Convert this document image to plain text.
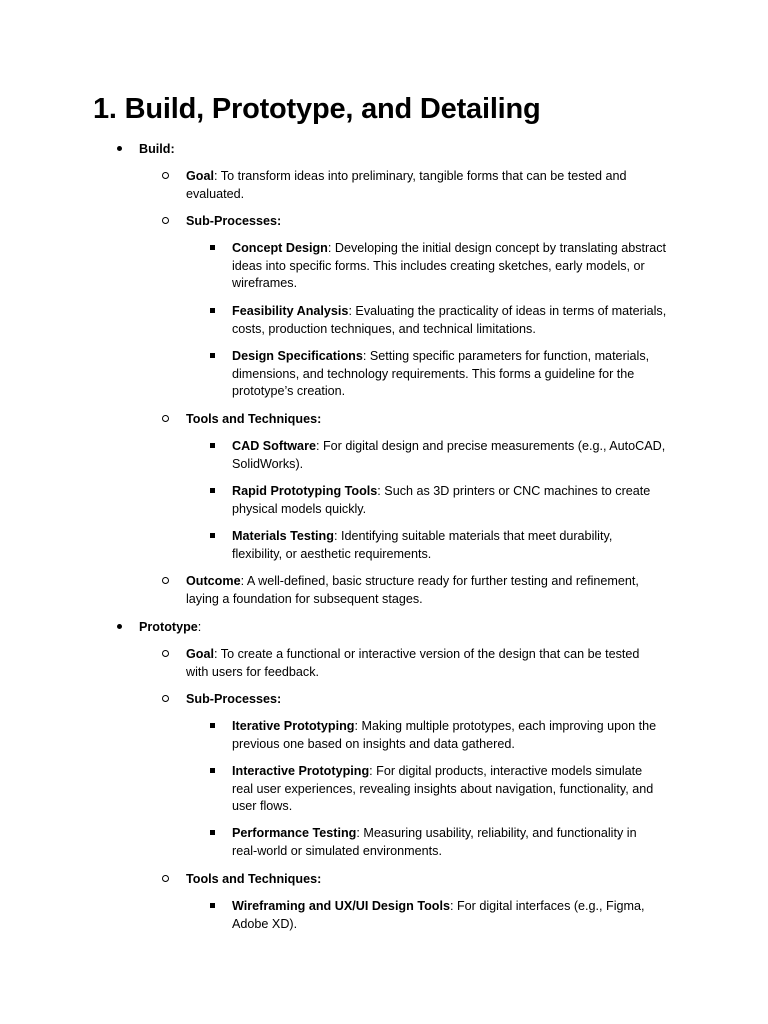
1. Build, Prototype, and Detailing
Build:
Goal: To transform ideas into preliminary, tangible forms that can be tested and
evaluated.
Sub-Processes:
Concept Design: Developing the initial design concept by translating abstract
ideas into specific forms. This includes creating sketches, early models, or
wireframes.
Feasibility Analysis: Evaluating the practicality of ideas in terms of materials,
costs, production techniques, and technical limitations.
Design Specifications: Setting specific parameters for function, materials,
dimensions, and technology requirements. This forms a guideline for the
prototype’s creation.
Tools and Techniques:
CAD Software: For digital design and precise measurements (e.g., AutoCAD,
SolidWorks).
Rapid Prototyping Tools: Such as 3D printers or CNC machines to create
physical models quickly.
Materials Testing: Identifying suitable materials that meet durability,
flexibility, or aesthetic requirements.
Outcome: A well-defined, basic structure ready for further testing and refinement,
laying a foundation for subsequent stages.
Prototype:
Goal: To create a functional or interactive version of the design that can be tested
with users for feedback.
Sub-Processes:
Iterative Prototyping: Making multiple prototypes, each improving upon the
previous one based on insights and data gathered.
Interactive Prototyping: For digital products, interactive models simulate
real user experiences, revealing insights about navigation, functionality, and
user flows.
Performance Testing: Measuring usability, reliability, and functionality in
real-world or simulated environments.
Tools and Techniques:
Wireframing and UX/UI Design Tools: For digital interfaces (e.g., Figma,
Adobe XD).
